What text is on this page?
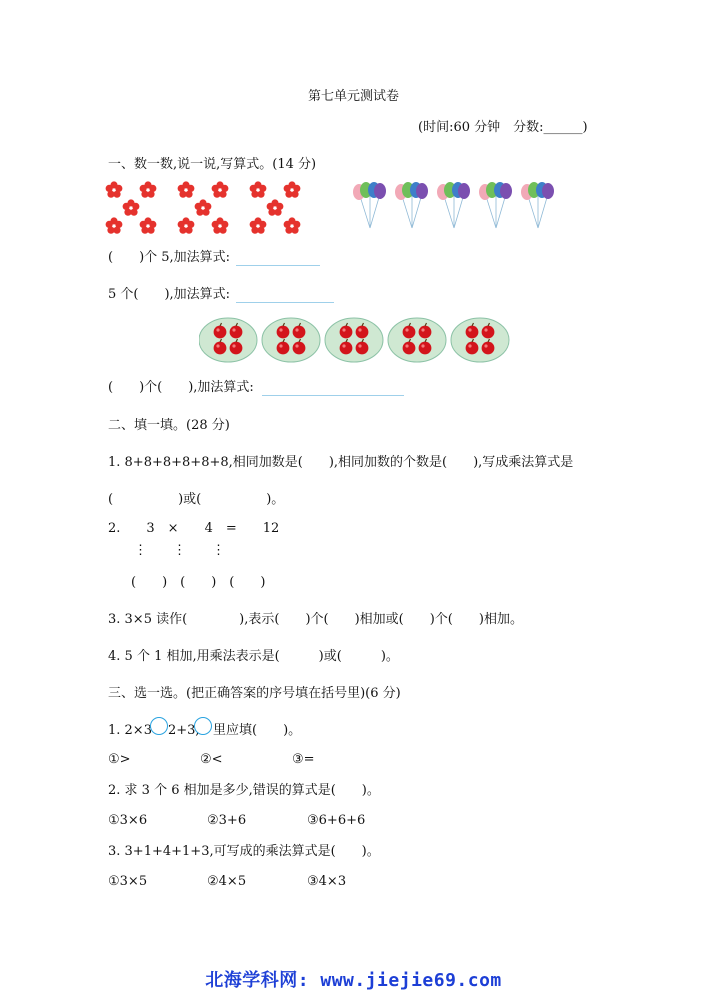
第七单元测试卷
(时间:60 分钟　分数:______)
一、数一数,说一说,写算式。(14 分)
(　　)个 5,加法算式:
5 个(　　),加法算式:
(　　)个(　　),加法算式:
二、填一填。(28 分)
1. 8+8+8+8+8+8,相同加数是(　　),相同加数的个数是(　　),写成乘法算式是
(　　　　　)或(　　　　　)。
2.　　3　×　　4　=　　12
⋮　　⋮　　⋮
(　　)　(　　)　(　　)
3. 3×5 读作(　　　　),表示(　　)个(　　)相加或(　　)个(　　)相加。
4. 5 个 1 相加,用乘法表示是(　　　)或(　　　)。
三、选一选。(把正确答案的序号填在括号里)(6 分)
1. 2×3 2+3, 里应填(　　)。
①>	②<	③=
2. 求 3 个 6 相加是多少,错误的算式是(　　)。
①3×6	②3+6	③6+6+6
3. 3+1+4+1+3,可写成的乘法算式是(　　)。
①3×5	②4×5	③4×3
北海学科网: www.jiejie69.com
